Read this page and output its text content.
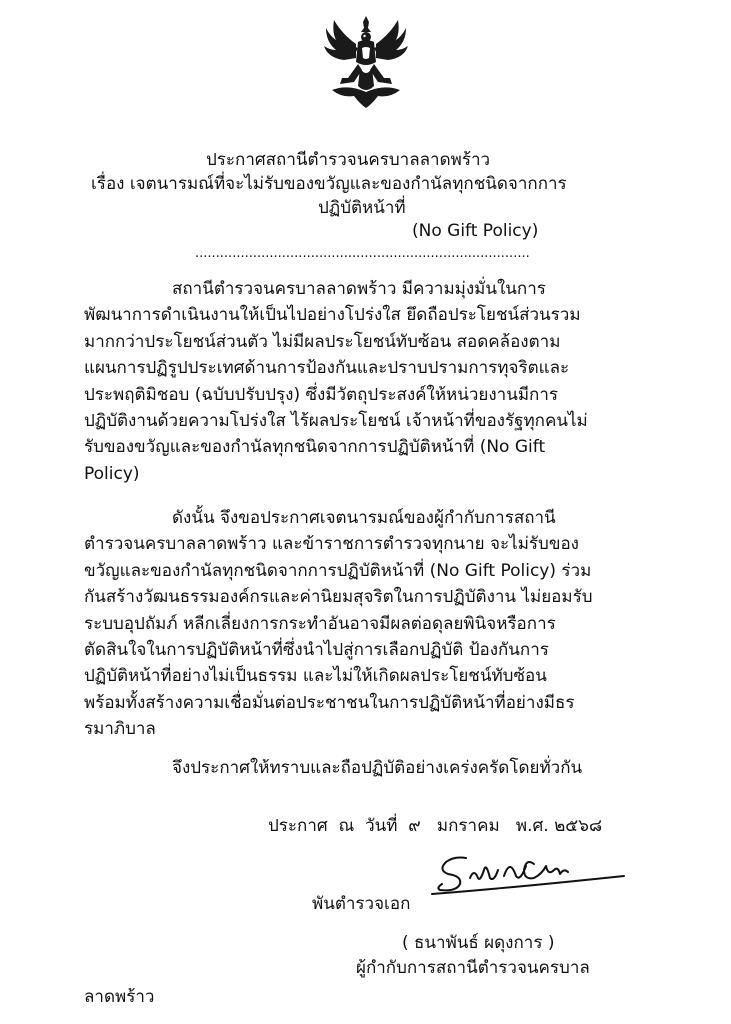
ประกาศสถานีตำรวจนครบาลลาดพร้าว
เรื่อง เจตนารมณ์ที่จะไม่รับของขวัญและของกำนัลทุกชนิดจากการ
ปฏิบัติหน้าที่
(No Gift Policy)
.................................................................................
สถานีตำรวจนครบาลลาดพร้าว มีความมุ่งมั่นในการ
พัฒนาการดำเนินงานให้เป็นไปอย่างโปร่งใส ยึดถือประโยชน์ส่วนรวม
มากกว่าประโยชน์ส่วนตัว ไม่มีผลประโยชน์ทับซ้อน สอดคล้องตาม
แผนการปฏิรูปประเทศด้านการป้องกันและปราบปรามการทุจริตและ
ประพฤติมิชอบ (ฉบับปรับปรุง) ซึ่งมีวัตถุประสงค์ให้หน่วยงานมีการ
ปฏิบัติงานด้วยความโปร่งใส ไร้ผลประโยชน์ เจ้าหน้าที่ของรัฐทุกคนไม่
รับของขวัญและของกำนัลทุกชนิดจากการปฏิบัติหน้าที่ (No Gift
Policy)
ดังนั้น จึงขอประกาศเจตนารมณ์ของผู้กำกับการสถานี
ตำรวจนครบาลลาดพร้าว และข้าราชการตำรวจทุกนาย จะไม่รับของ
ขวัญและของกำนัลทุกชนิดจากการปฏิบัติหน้าที่ (No Gift Policy) ร่วม
กันสร้างวัฒนธรรมองค์กรและค่านิยมสุจริตในการปฏิบัติงาน ไม่ยอมรับ
ระบบอุปถัมภ์ หลีกเลี่ยงการกระทำอันอาจมีผลต่อดุลยพินิจหรือการ
ตัดสินใจในการปฏิบัติหน้าที่ซึ่งนำไปสู่การเลือกปฏิบัติ ป้องกันการ
ปฏิบัติหน้าที่อย่างไม่เป็นธรรม และไม่ให้เกิดผลประโยชน์ทับซ้อน
พร้อมทั้งสร้างความเชื่อมั่นต่อประชาชนในการปฏิบัติหน้าที่อย่างมีธร
รมาภิบาล
จึงประกาศให้ทราบและถือปฏิบัติอย่างเคร่งครัดโดยทั่วกัน
ประกาศ  ณ  วันที่  ๙   มกราคม   พ.ศ. ๒๕๖๘
พันตำรวจเอก
( ธนาพันธ์ ผดุงการ )
ผู้กำกับการสถานีตำรวจนครบาล
ลาดพร้าว
